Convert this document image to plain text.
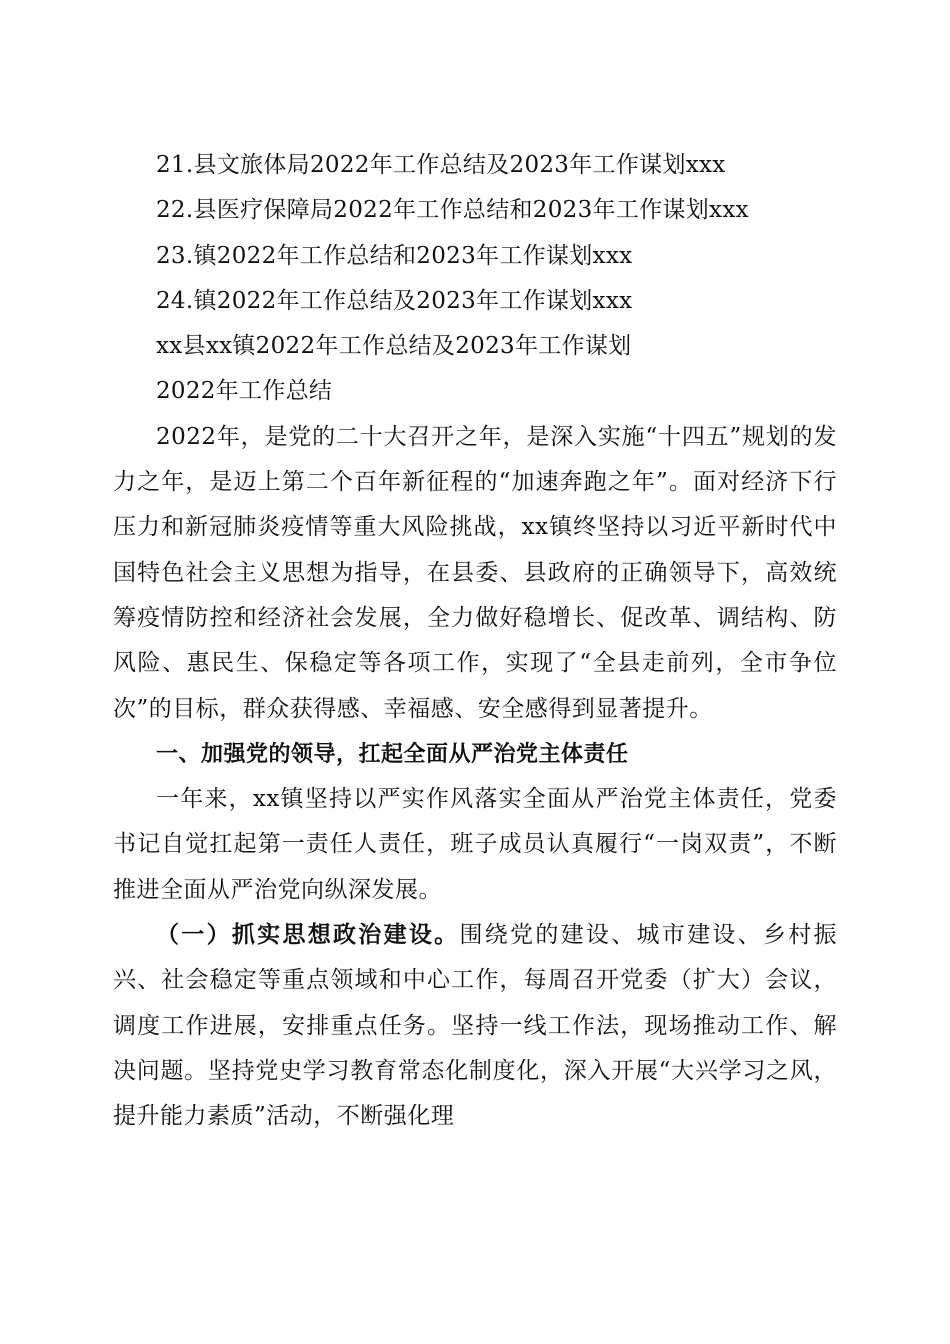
21.县文旅体局2022年工作总结及2023年工作谋划xxx

22.县医疗保障局2022年工作总结和2023年工作谋划xxx

23.镇2022年工作总结和2023年工作谋划xxx

24.镇2022年工作总结及2023年工作谋划xxx

xx县xx镇2022年工作总结及2023年工作谋划

2022年工作总结

2022年，是党的二十大召开之年，是深入实施“十四五”规划的发力之年，是迈上第二个百年新征程的“加速奔跑之年”。面对经济下行压力和新冠肺炎疫情等重大风险挑战，xx镇终坚持以习近平新时代中国特色社会主义思想为指导，在县委、县政府的正确领导下，高效统筹疫情防控和经济社会发展，全力做好稳增长、促改革、调结构、防风险、惠民生、保稳定等各项工作，实现了“全县走前列，全市争位次”的目标，群众获得感、幸福感、安全感得到显著提升。

一、加强党的领导，扛起全面从严治党主体责任

一年来，xx镇坚持以严实作风落实全面从严治党主体责任，党委书记自觉扛起第一责任人责任，班子成员认真履行“一岗双责”，不断推进全面从严治党向纵深发展。

（一）抓实思想政治建设。围绕党的建设、城市建设、乡村振兴、社会稳定等重点领域和中心工作，每周召开党委（扩大）会议，调度工作进展，安排重点任务。坚持一线工作法，现场推动工作、解决问题。坚持党史学习教育常态化制度化，深入开展“大兴学习之风，提升能力素质”活动，不断强化理
